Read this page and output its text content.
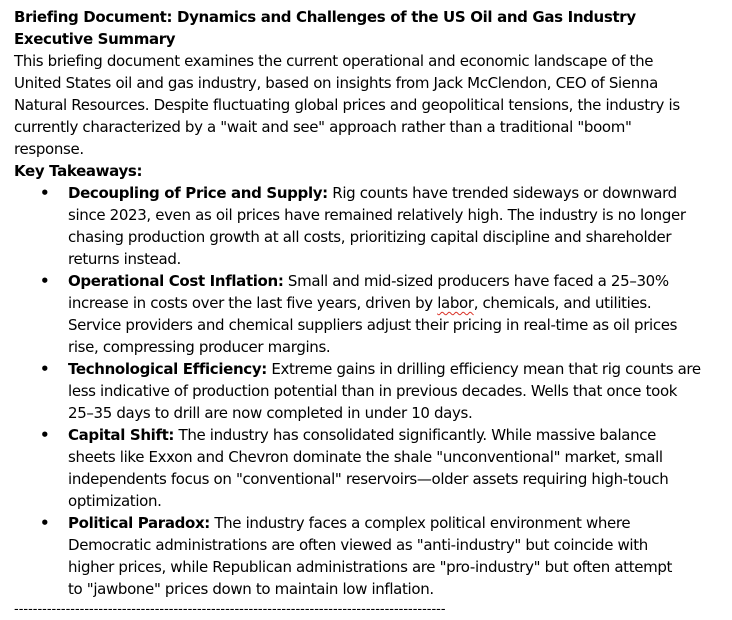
Briefing Document: Dynamics and Challenges of the US Oil and Gas Industry
Executive Summary
This briefing document examines the current operational and economic landscape of the
United States oil and gas industry, based on insights from Jack McClendon, CEO of Sienna
Natural Resources. Despite fluctuating global prices and geopolitical tensions, the industry is
currently characterized by a "wait and see" approach rather than a traditional "boom"
response.
Key Takeaways:
• Decoupling of Price and Supply: Rig counts have trended sideways or downward
since 2023, even as oil prices have remained relatively high. The industry is no longer
chasing production growth at all costs, prioritizing capital discipline and shareholder
returns instead.
• Operational Cost Inflation: Small and mid-sized producers have faced a 25–30%
increase in costs over the last five years, driven by labor, chemicals, and utilities.
Service providers and chemical suppliers adjust their pricing in real-time as oil prices
rise, compressing producer margins.
• Technological Efficiency: Extreme gains in drilling efficiency mean that rig counts are
less indicative of production potential than in previous decades. Wells that once took
25–35 days to drill are now completed in under 10 days.
• Capital Shift: The industry has consolidated significantly. While massive balance
sheets like Exxon and Chevron dominate the shale "unconventional" market, small
independents focus on "conventional" reservoirs—older assets requiring high-touch
optimization.
• Political Paradox: The industry faces a complex political environment where
Democratic administrations are often viewed as "anti-industry" but coincide with
higher prices, while Republican administrations are "pro-industry" but often attempt
to "jawbone" prices down to maintain low inflation.
--------------------------------------------------------------------------------------------
